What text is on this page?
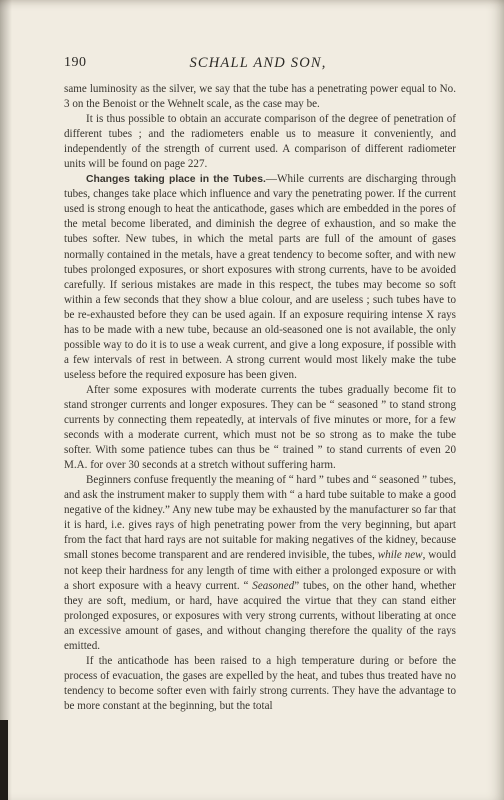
190	SCHALL AND SON,

same luminosity as the silver, we say that the tube has a penetrating power equal to No. 3 on the Benoist or the Wehnelt scale, as the case may be.

It is thus possible to obtain an accurate comparison of the degree of penetration of different tubes ; and the radiometers enable us to measure it conveniently, and independently of the strength of current used. A comparison of different radiometer units will be found on page 227.

Changes taking place in the Tubes.—While currents are discharging through tubes, changes take place which influence and vary the penetrating power. If the current used is strong enough to heat the anticathode, gases which are embedded in the pores of the metal become liberated, and diminish the degree of exhaustion, and so make the tubes softer. New tubes, in which the metal parts are full of the amount of gases normally contained in the metals, have a great tendency to become softer, and with new tubes prolonged exposures, or short exposures with strong currents, have to be avoided carefully. If serious mistakes are made in this respect, the tubes may become so soft within a few seconds that they show a blue colour, and are useless ; such tubes have to be re-exhausted before they can be used again. If an exposure requiring intense X rays has to be made with a new tube, because an old-seasoned one is not available, the only possible way to do it is to use a weak current, and give a long exposure, if possible with a few intervals of rest in between. A strong current would most likely make the tube useless before the required exposure has been given.

After some exposures with moderate currents the tubes gradually become fit to stand stronger currents and longer exposures. They can be “ seasoned ” to stand strong currents by connecting them repeatedly, at intervals of five minutes or more, for a few seconds with a moderate current, which must not be so strong as to make the tube softer. With some patience tubes can thus be “ trained ” to stand currents of even 20 M.A. for over 30 seconds at a stretch without suffering harm.

Beginners confuse frequently the meaning of “ hard ” tubes and “ seasoned ” tubes, and ask the instrument maker to supply them with “ a hard tube suitable to make a good negative of the kidney.” Any new tube may be exhausted by the manufacturer so far that it is hard, i.e. gives rays of high penetrating power from the very beginning, but apart from the fact that hard rays are not suitable for making negatives of the kidney, because small stones become transparent and are rendered invisible, the tubes, while new, would not keep their hardness for any length of time with either a prolonged exposure or with a short exposure with a heavy current. “ Seasoned” tubes, on the other hand, whether they are soft, medium, or hard, have acquired the virtue that they can stand either prolonged exposures, or exposures with very strong currents, without liberating at once an excessive amount of gases, and without changing therefore the quality of the rays emitted.

If the anticathode has been raised to a high temperature during or before the process of evacuation, the gases are expelled by the heat, and tubes thus treated have no tendency to become softer even with fairly strong currents. They have the advantage to be more constant at the beginning, but the total
